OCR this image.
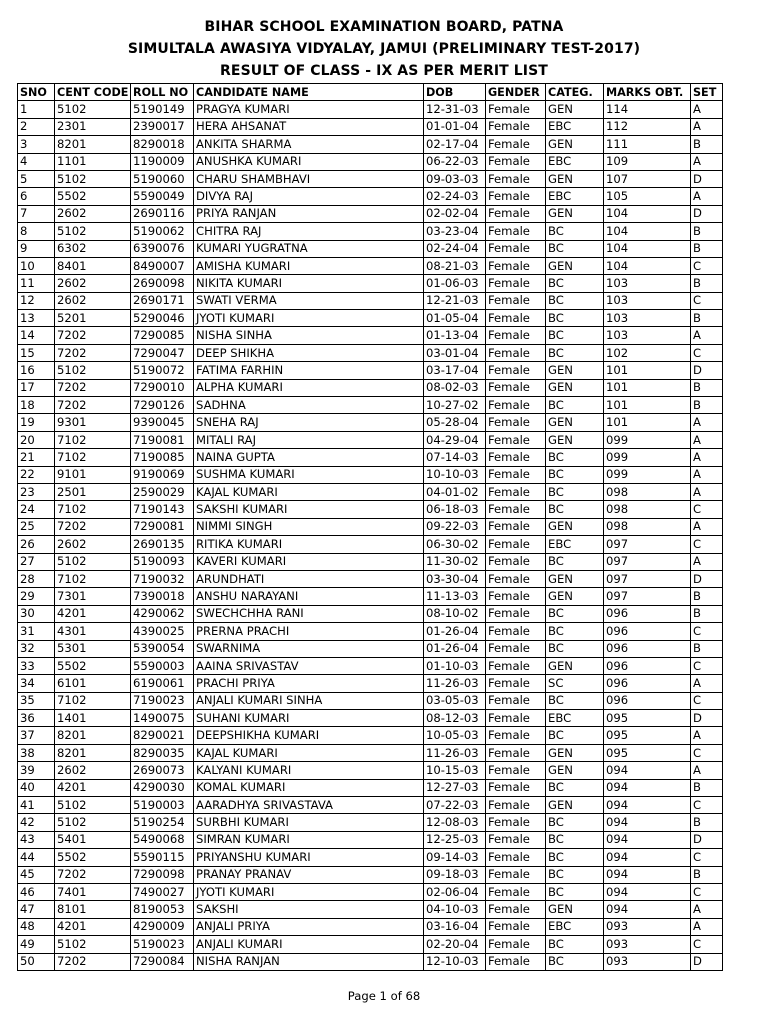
BIHAR SCHOOL EXAMINATION BOARD, PATNA
SIMULTALA AWASIYA VIDYALAY, JAMUI (PRELIMINARY TEST-2017)
RESULT OF CLASS - IX AS PER MERIT LIST
SNO	CENT CODE	ROLL NO	CANDIDATE NAME	DOB	GENDER	CATEG.	MARKS OBT.	SET
1	5102	5190149	PRAGYA KUMARI	12-31-03	Female	GEN	114	A
2	2301	2390017	HERA AHSANAT	01-01-04	Female	EBC	112	A
3	8201	8290018	ANKITA SHARMA	02-17-04	Female	GEN	111	B
4	1101	1190009	ANUSHKA KUMARI	06-22-03	Female	EBC	109	A
5	5102	5190060	CHARU SHAMBHAVI	09-03-03	Female	GEN	107	D
6	5502	5590049	DIVYA RAJ	02-24-03	Female	EBC	105	A
7	2602	2690116	PRIYA RANJAN	02-02-04	Female	GEN	104	D
8	5102	5190062	CHITRA RAJ	03-23-04	Female	BC	104	B
9	6302	6390076	KUMARI YUGRATNA	02-24-04	Female	BC	104	B
10	8401	8490007	AMISHA KUMARI	08-21-03	Female	GEN	104	C
11	2602	2690098	NIKITA KUMARI	01-06-03	Female	BC	103	B
12	2602	2690171	SWATI VERMA	12-21-03	Female	BC	103	C
13	5201	5290046	JYOTI KUMARI	01-05-04	Female	BC	103	B
14	7202	7290085	NISHA SINHA	01-13-04	Female	BC	103	A
15	7202	7290047	DEEP SHIKHA	03-01-04	Female	BC	102	C
16	5102	5190072	FATIMA FARHIN	03-17-04	Female	GEN	101	D
17	7202	7290010	ALPHA KUMARI	08-02-03	Female	GEN	101	B
18	7202	7290126	SADHNA	10-27-02	Female	BC	101	B
19	9301	9390045	SNEHA RAJ	05-28-04	Female	GEN	101	A
20	7102	7190081	MITALI RAJ	04-29-04	Female	GEN	099	A
21	7102	7190085	NAINA GUPTA	07-14-03	Female	BC	099	A
22	9101	9190069	SUSHMA KUMARI	10-10-03	Female	BC	099	A
23	2501	2590029	KAJAL KUMARI	04-01-02	Female	BC	098	A
24	7102	7190143	SAKSHI KUMARI	06-18-03	Female	BC	098	C
25	7202	7290081	NIMMI SINGH	09-22-03	Female	GEN	098	A
26	2602	2690135	RITIKA KUMARI	06-30-02	Female	EBC	097	C
27	5102	5190093	KAVERI KUMARI	11-30-02	Female	BC	097	A
28	7102	7190032	ARUNDHATI	03-30-04	Female	GEN	097	D
29	7301	7390018	ANSHU NARAYANI	11-13-03	Female	GEN	097	B
30	4201	4290062	SWECHCHHA RANI	08-10-02	Female	BC	096	B
31	4301	4390025	PRERNA PRACHI	01-26-04	Female	BC	096	C
32	5301	5390054	SWARNIMA	01-26-04	Female	BC	096	B
33	5502	5590003	AAINA SRIVASTAV	01-10-03	Female	GEN	096	C
34	6101	6190061	PRACHI PRIYA	11-26-03	Female	SC	096	A
35	7102	7190023	ANJALI KUMARI SINHA	03-05-03	Female	BC	096	C
36	1401	1490075	SUHANI KUMARI	08-12-03	Female	EBC	095	D
37	8201	8290021	DEEPSHIKHA KUMARI	10-05-03	Female	BC	095	A
38	8201	8290035	KAJAL KUMARI	11-26-03	Female	GEN	095	C
39	2602	2690073	KALYANI KUMARI	10-15-03	Female	GEN	094	A
40	4201	4290030	KOMAL KUMARI	12-27-03	Female	BC	094	B
41	5102	5190003	AARADHYA SRIVASTAVA	07-22-03	Female	GEN	094	C
42	5102	5190254	SURBHI KUMARI	12-08-03	Female	BC	094	B
43	5401	5490068	SIMRAN KUMARI	12-25-03	Female	BC	094	D
44	5502	5590115	PRIYANSHU KUMARI	09-14-03	Female	BC	094	C
45	7202	7290098	PRANAY PRANAV	09-18-03	Female	BC	094	B
46	7401	7490027	JYOTI KUMARI	02-06-04	Female	BC	094	C
47	8101	8190053	SAKSHI	04-10-03	Female	GEN	094	A
48	4201	4290009	ANJALI PRIYA	03-16-04	Female	EBC	093	A
49	5102	5190023	ANJALI KUMARI	02-20-04	Female	BC	093	C
50	7202	7290084	NISHA RANJAN	12-10-03	Female	BC	093	D
Page 1 of 68
